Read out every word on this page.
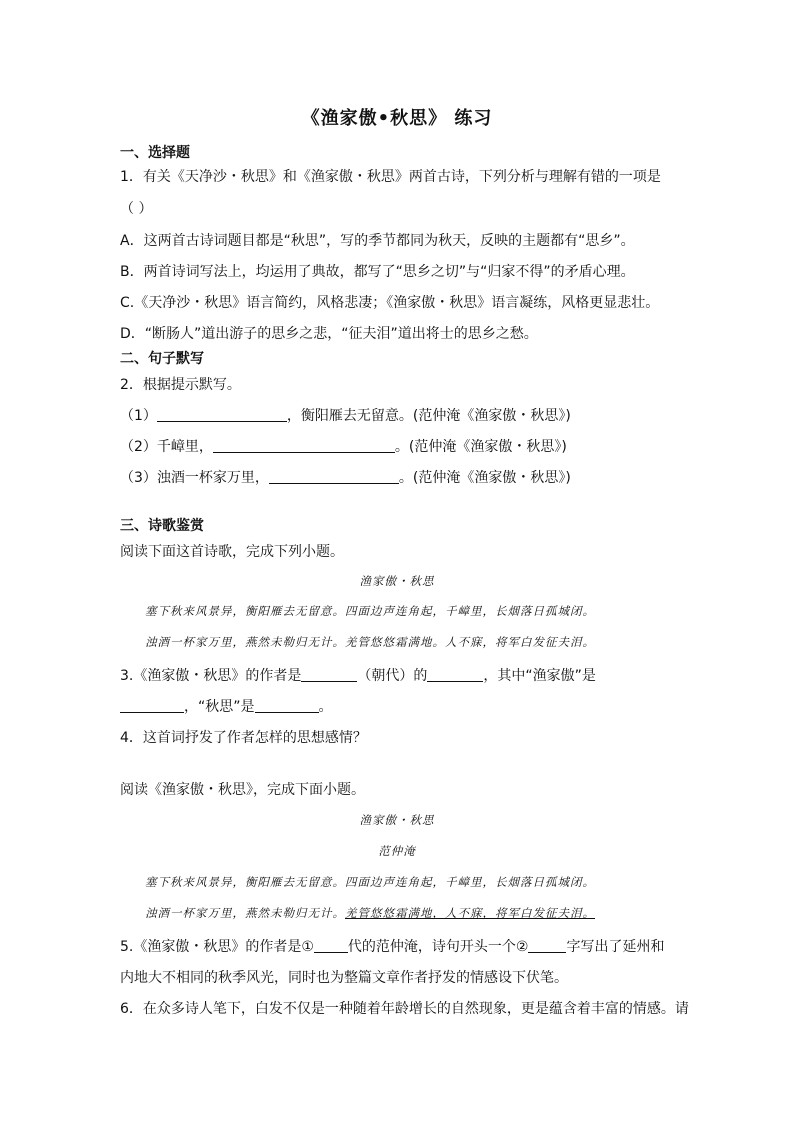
《渔家傲•秋思》 练习
一、选择题
1．有关《天净沙・秋思》和《渔家傲・秋思》两首古诗，下列分析与理解有错的一项是
（ ）
A．这两首古诗词题目都是“秋思”，写的季节都同为秋天，反映的主题都有“思乡”。
B．两首诗词写法上，均运用了典故，都写了“思乡之切”与“归家不得”的矛盾心理。
C.《天净沙・秋思》语言简约，风格悲凄；《渔家傲・秋思》语言凝练，风格更显悲壮。
D．“断肠人”道出游子的思乡之悲，“征夫泪”道出将士的思乡之愁。
二、句子默写
2．根据提示默写。
（1）	，衡阳雁去无留意。(范仲淹《渔家傲・秋思》)
（2）千嶂里，	。(范仲淹《渔家傲・秋思》)
（3）浊酒一杯家万里，	。(范仲淹《渔家傲・秋思》)
三、诗歌鉴赏
阅读下面这首诗歌，完成下列小题。
渔家傲・秋思
塞下秋来风景异，衡阳雁去无留意。四面边声连角起，千嶂里，长烟落日孤城闭。
浊酒一杯家万里，燕然未勒归无计。羌管悠悠霜满地。人不寐，将军白发征夫泪。
3.《渔家傲・秋思》的作者是	（朝代）的	，其中“渔家傲”是
，“秋思”是	。
4．这首词抒发了作者怎样的思想感情？
阅读《渔家傲・秋思》，完成下面小题。
渔家傲・秋思
范仲淹
塞下秋来风景异，衡阳雁去无留意。四面边声连角起，千嶂里，长烟落日孤城闭。
浊酒一杯家万里，燕然未勒归无计。羌管悠悠霜满地，人不寐，将军白发征夫泪。
5.《渔家傲・秋思》的作者是① 代的范仲淹，诗句开头一个②	字写出了延州和
内地大不相同的秋季风光，同时也为整篇文章作者抒发的情感设下伏笔。
6．在众多诗人笔下，白发不仅是一种随着年龄增长的自然现象，更是蕴含着丰富的情感。请
